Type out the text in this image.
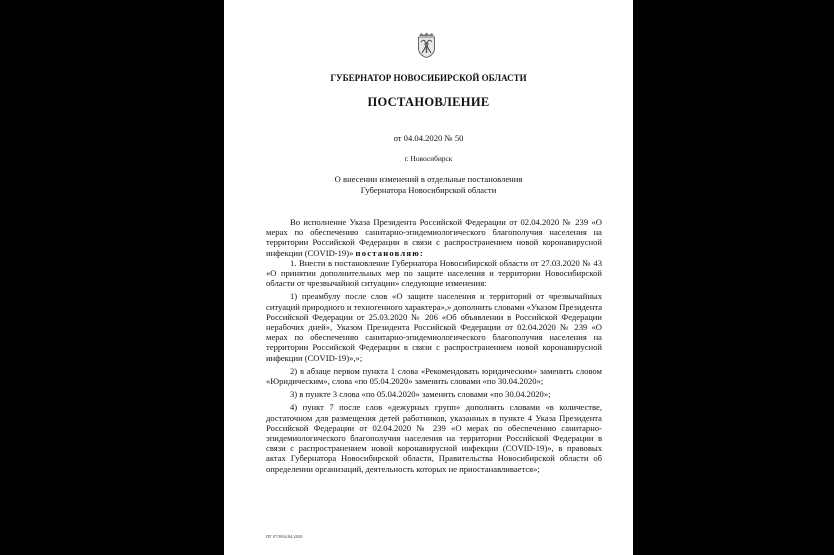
ГУБЕРНАТОР НОВОСИБИРСКОЙ ОБЛАСТИ
ПОСТАНОВЛЕНИЕ
от 04.04.2020 № 50
г. Новосибирск
О внесении изменений в отдельные постановления
Губернатора Новосибирской области

Во исполнение Указа Президента Российской Федерации от 02.04.2020 № 239 «О мерах по обеспечению санитарно-эпидемиологического благополучия населения на территории Российской Федерации в связи с распространением новой коронавирусной инфекции (COVID-19)» постановляю:

1. Внести в постановление Губернатора Новосибирской области от 27.03.2020 № 43 «О принятии дополнительных мер по защите населения и территории Новосибирской области от чрезвычайной ситуации» следующие изменения:

1) преамбулу после слов «О защите населения и территорий от чрезвычайных ситуаций природного и техногенного характера»,» дополнить словами «Указом Президента Российской Федерации от 25.03.2020 № 206 «Об объявлении в Российской Федерации нерабочих дней», Указом Президента Российской Федерации от 02.04.2020 № 239 «О мерах по обеспечению санитарно-эпидемиологического благополучия населения на территории Российской Федерации в связи с распространением новой коронавирусной инфекции (COVID-19)»,»;

2) в абзаце первом пункта 1 слова «Рекомендовать юридическим» заменить словом «Юридическим», слова «по 05.04.2020» заменить словами «по 30.04.2020»;

3) в пункте 3 слова «по 05.04.2020» заменить словами «по 30.04.2020»;

4) пункт 7 после слов «дежурных групп» дополнить словами «в количестве, достаточном для размещения детей работников, указанных в пункте 4 Указа Президента Российской Федерации от 02.04.2020 № 239 «О мерах по обеспечению санитарно-эпидемиологического благополучия населения на территории Российской Федерации в связи с распространением новой коронавирусной инфекции (COVID-19)», в правовых актах Губернатора Новосибирской области, Правительства Новосибирской области об определении организаций, деятельность которых не приостанавливается»;

ПГ 07/8/04.04.2020
